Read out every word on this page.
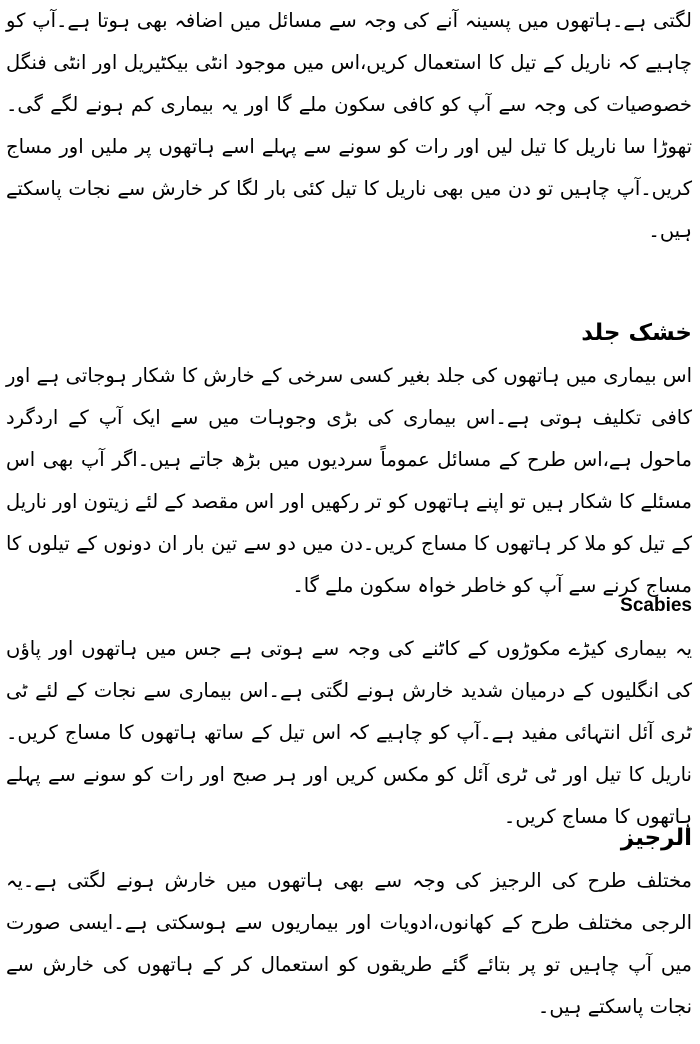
لگتی ہے۔ہاتھوں میں پسینہ آنے کی وجہ سے مسائل میں اضافہ بھی ہوتا ہے۔آپ کو چاہیے کہ ناریل کے تیل کا استعمال کریں،اس میں موجود انٹی بیکٹیریل اور انٹی فنگل خصوصیات کی وجہ سے آپ کو کافی سکون ملے گا اور یہ بیماری کم ہونے لگے گی۔تھوڑا سا ناریل کا تیل لیں اور رات کو سونے سے پہلے اسے ہاتھوں پر ملیں اور مساج کریں۔آپ چاہیں تو دن میں بھی ناریل کا تیل کئی بار لگا کر خارش سے نجات پاسکتے ہیں۔

خشک جلد

اس بیماری میں ہاتھوں کی جلد بغیر کسی سرخی کے خارش کا شکار ہوجاتی ہے اور کافی تکلیف ہوتی ہے۔اس بیماری کی بڑی وجوہات میں سے ایک آپ کے اردگرد ماحول ہے،اس طرح کے مسائل عموماً سردیوں میں بڑھ جاتے ہیں۔اگر آپ بھی اس مسئلے کا شکار ہیں تو اپنے ہاتھوں کو تر رکھیں اور اس مقصد کے لئے زیتون اور ناریل کے تیل کو ملا کر ہاتھوں کا مساج کریں۔دن میں دو سے تین بار ان دونوں کے تیلوں کا مساج کرنے سے آپ کو خاطر خواہ سکون ملے گا۔

Scabies

یہ بیماری کیڑے مکوڑوں کے کاٹنے کی وجہ سے ہوتی ہے جس میں ہاتھوں اور پاؤں کی انگلیوں کے درمیان شدید خارش ہونے لگتی ہے۔اس بیماری سے نجات کے لئے ٹی ٹری آئل انتہائی مفید ہے۔آپ کو چاہیے کہ اس تیل کے ساتھ ہاتھوں کا مساج کریں۔ناریل کا تیل اور ٹی ٹری آئل کو مکس کریں اور ہر صبح اور رات کو سونے سے پہلے ہاتھوں کا مساج کریں۔

الرجیز

مختلف طرح کی الرجیز کی وجہ سے بھی ہاتھوں میں خارش ہونے لگتی ہے۔یہ الرجی مختلف طرح کے کھانوں،ادویات اور بیماریوں سے ہوسکتی ہے۔ایسی صورت میں آپ چاہیں تو پر بتائے گئے طریقوں کو استعمال کر کے ہاتھوں کی خارش سے نجات پاسکتے ہیں۔
